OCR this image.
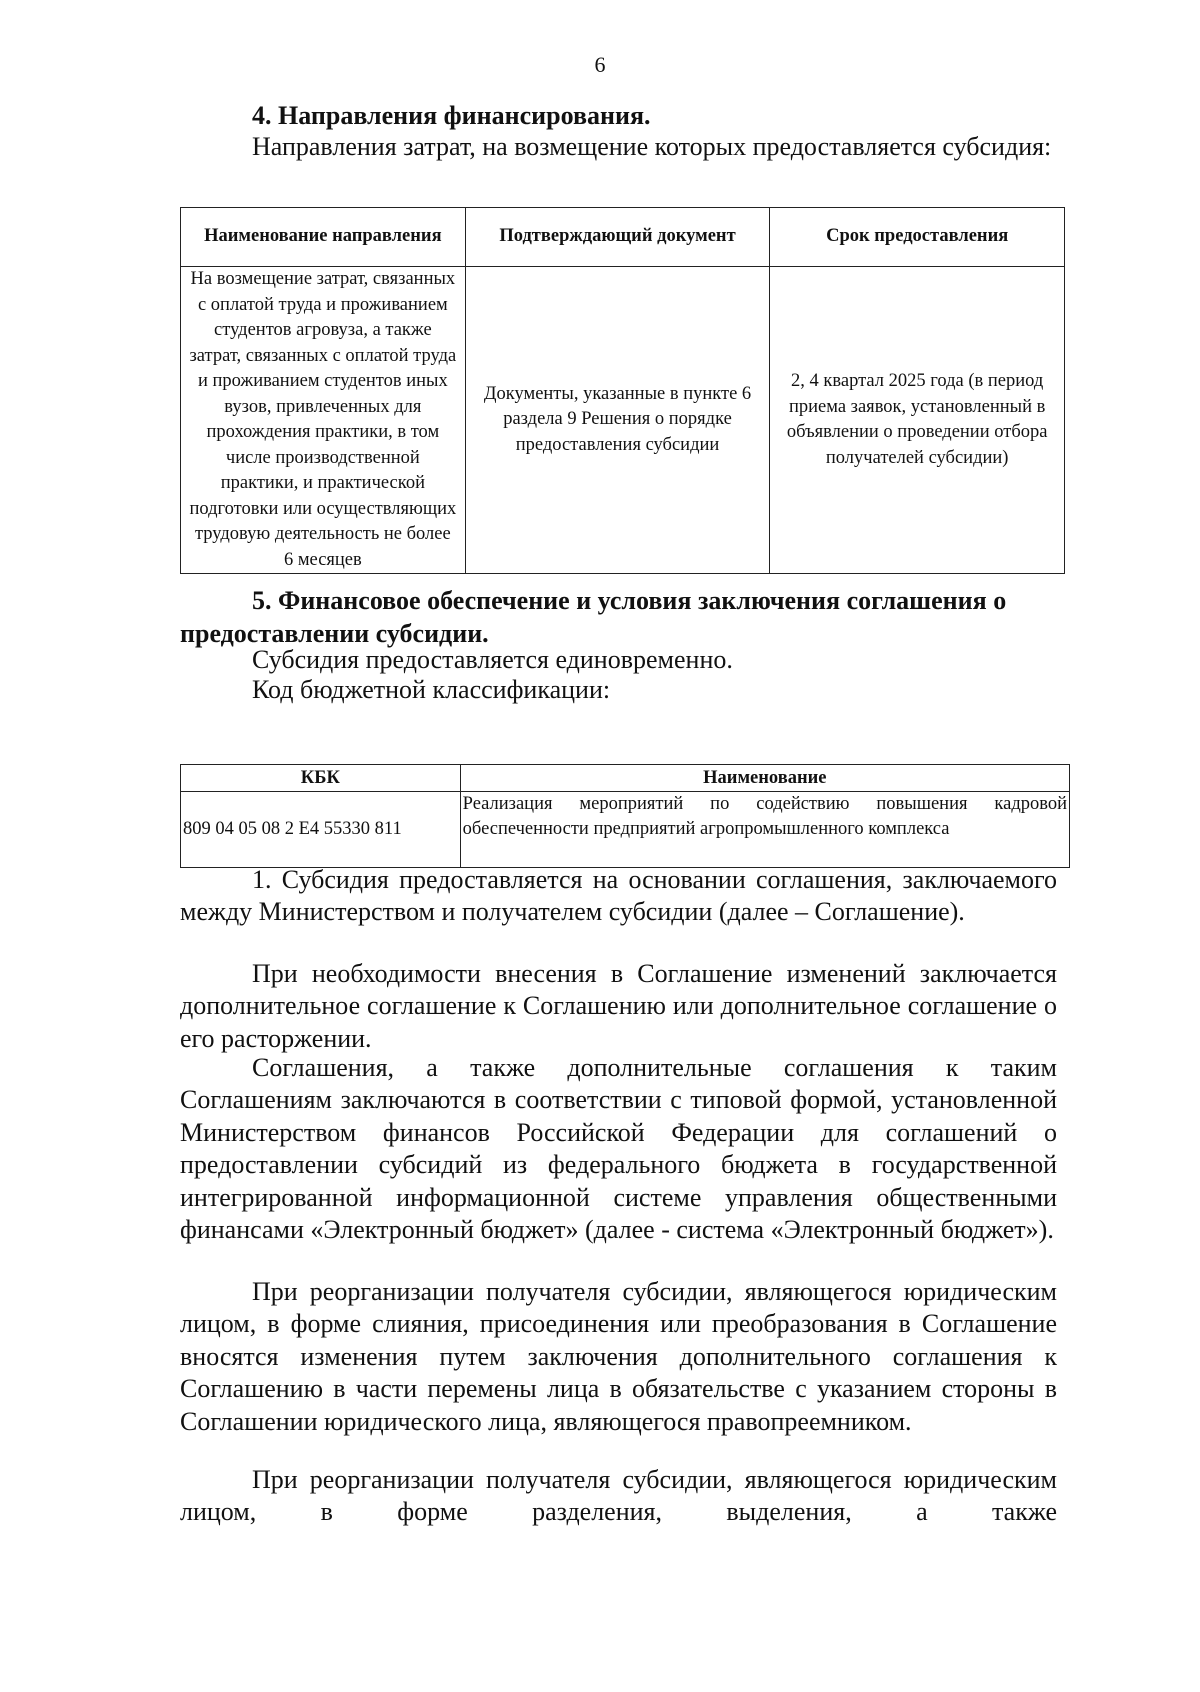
6
4. Направления финансирования.
Направления затрат, на возмещение которых предоставляется субсидия:
Наименование направления	Подтверждающий документ	Срок предоставления
На возмещение затрат, связанных с оплатой труда и проживанием студентов агровуза, а также затрат, связанных с оплатой труда и проживанием студентов иных вузов, привлеченных для прохождения практики, в том числе производственной практики, и практической подготовки или осуществляющих трудовую деятельность не более 6 месяцев	Документы, указанные в пункте 6 раздела 9 Решения о порядке предоставления субсидии	2, 4 квартал 2025 года (в период приема заявок, установленный в объявлении о проведении отбора получателей субсидии)
5. Финансовое обеспечение и условия заключения соглашения о предоставлении субсидии.
Субсидия предоставляется единовременно.
Код бюджетной классификации:
КБК	Наименование
809 04 05 08 2 Е4 55330 811	Реализация мероприятий по содействию повышения кадровой обеспеченности предприятий агропромышленного комплекса
1. Субсидия предоставляется на основании соглашения, заключаемого между Министерством и получателем субсидии (далее – Соглашение).
При необходимости внесения в Соглашение изменений заключается дополнительное соглашение к Соглашению или дополнительное соглашение о его расторжении.
Соглашения, а также дополнительные соглашения к таким Соглашениям заключаются в соответствии с типовой формой, установленной Министерством финансов Российской Федерации для соглашений о предоставлении субсидий из федерального бюджета в государственной интегрированной информационной системе управления общественными финансами «Электронный бюджет» (далее - система «Электронный бюджет»).
При реорганизации получателя субсидии, являющегося юридическим лицом, в форме слияния, присоединения или преобразования в Соглашение вносятся изменения путем заключения дополнительного соглашения к Соглашению в части перемены лица в обязательстве с указанием стороны в Соглашении юридического лица, являющегося правопреемником.
При реорганизации получателя субсидии, являющегося юридическим лицом, в форме разделения, выделения, а также
